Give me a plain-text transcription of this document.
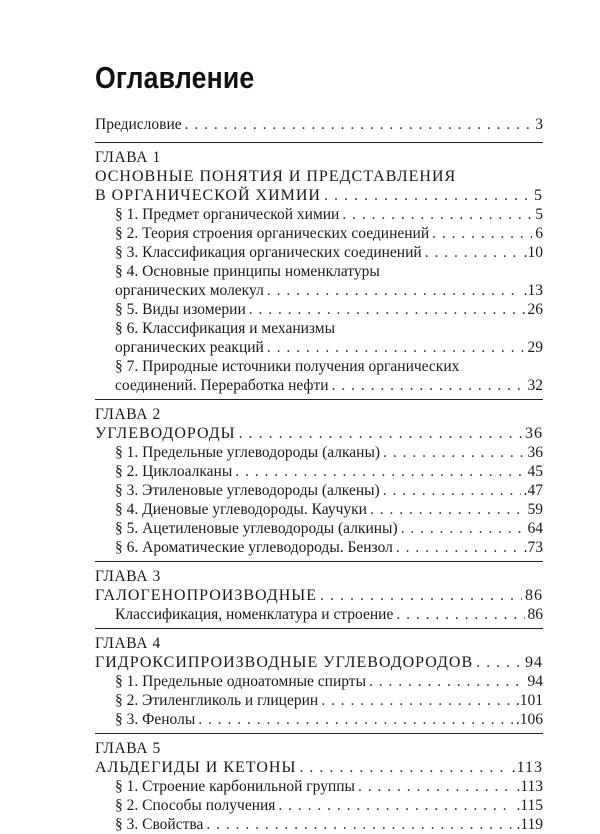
Оглавление
Предисловие . . .	3
ГЛАВА 1
ОСНОВНЫЕ ПОНЯТИЯ И ПРЕДСТАВЛЕНИЯ
В ОРГАНИЧЕСКОЙ ХИМИИ . . .	5
§ 1. Предмет органической химии . . .	5
§ 2. Теория строения органических соединений . . .	6
§ 3. Классификация органических соединений . . .	.10
§ 4. Основные принципы номенклатуры
органических молекул . . .	.13
§ 5. Виды изомерии . . .	26
§ 6. Классификация и механизмы
органических реакций . . .	29
§ 7. Природные источники получения органических
соединений. Переработка нефти . . .	32
ГЛАВА 2
УГЛЕВОДОРОДЫ . . .	36
§ 1. Предельные углеводороды (алканы) . . .	36
§ 2. Циклоалканы . . .	45
§ 3. Этиленовые углеводороды (алкены) . . .	.47
§ 4. Диеновые углеводороды. Каучуки . . .	59
§ 5. Ацетиленовые углеводороды (алкины) . . .	64
§ 6. Ароматические углеводороды. Бензол . . .	.73
ГЛАВА 3
ГАЛОГЕНОПРОИЗВОДНЫЕ . . .	86
Классификация, номенклатура и строение . . .	86
ГЛАВА 4
ГИДРОКСИПРОИЗВОДНЫЕ УГЛЕВОДОРОДОВ . . .	94
§ 1. Предельные одноатомные спирты . . .	94
§ 2. Этиленгликоль и глицерин . . .	.101
§ 3. Фенолы . . .	.106
ГЛАВА 5
АЛЬДЕГИДЫ И КЕТОНЫ . . .	.113
§ 1. Строение карбонильной группы . . .	.113
§ 2. Способы получения . . .	.115
§ 3. Свойства . . .	.119
